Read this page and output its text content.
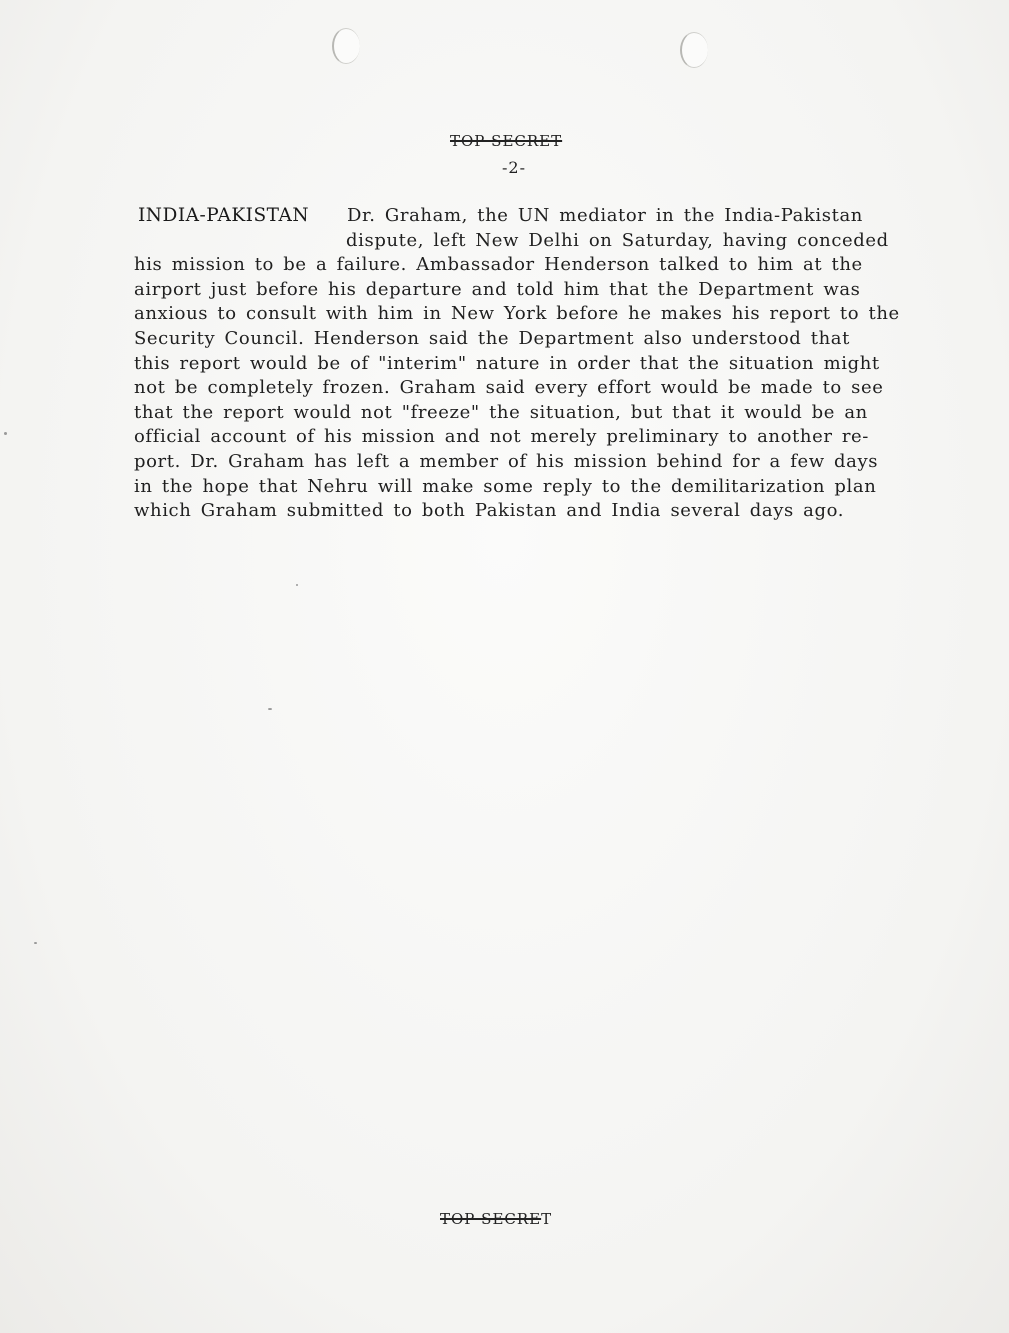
TOP SECRET
-2-
INDIA-PAKISTAN	Dr. Graham, the UN mediator in the India-Pakistan
dispute, left New Delhi on Saturday, having conceded
his mission to be a failure. Ambassador Henderson talked to him at the
airport just before his departure and told him that the Department was
anxious to consult with him in New York before he makes his report to the
Security Council. Henderson said the Department also understood that
this report would be of "interim" nature in order that the situation might
not be completely frozen. Graham said every effort would be made to see
that the report would not "freeze" the situation, but that it would be an
official account of his mission and not merely preliminary to another re-
port. Dr. Graham has left a member of his mission behind for a few days
in the hope that Nehru will make some reply to the demilitarization plan
which Graham submitted to both Pakistan and India several days ago.
TOP SECRET
